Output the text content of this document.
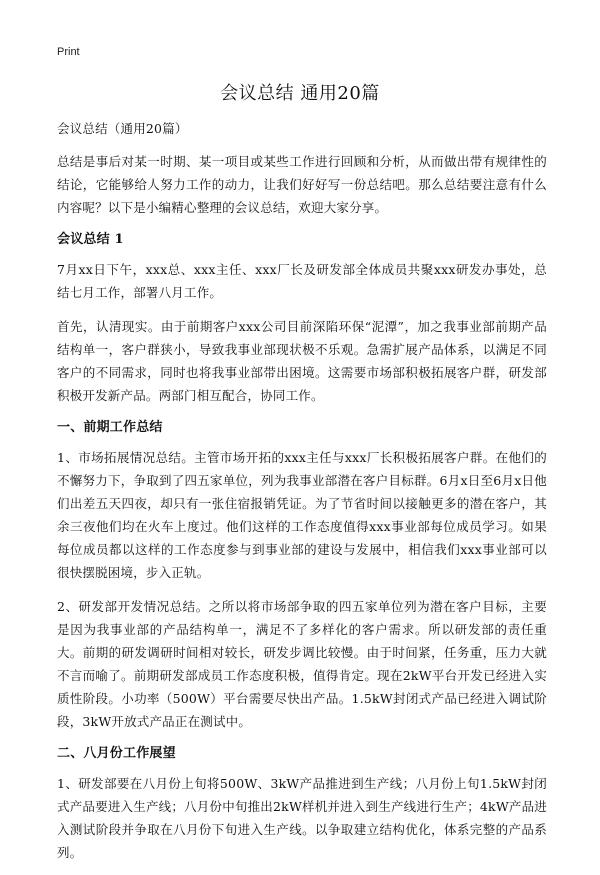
Print
会议总结 通用20篇

会议总结（通用20篇）

总结是事后对某一时期、某一项目或某些工作进行回顾和分析，从而做出带有规律性的结论，它能够给人努力工作的动力，让我们好好写一份总结吧。那么总结要注意有什么内容呢？以下是小编精心整理的会议总结，欢迎大家分享。

会议总结 1

7月xx日下午，xxx总、xxx主任、xxx厂长及研发部全体成员共聚xxx研发办事处，总结七月工作，部署八月工作。

首先，认清现实。由于前期客户xxx公司目前深陷环保“泥潭”，加之我事业部前期产品结构单一，客户群狭小，导致我事业部现状极不乐观。急需扩展产品体系，以满足不同客户的不同需求，同时也将我事业部带出困境。这需要市场部积极拓展客户群，研发部积极开发新产品。两部门相互配合，协同工作。

一、前期工作总结

1、市场拓展情况总结。主管市场开拓的xxx主任与xxx厂长积极拓展客户群。在他们的不懈努力下，争取到了四五家单位，列为我事业部潜在客户目标群。6月x日至6月x日他们出差五天四夜，却只有一张住宿报销凭证。为了节省时间以接触更多的潜在客户，其余三夜他们均在火车上度过。他们这样的工作态度值得xxx事业部每位成员学习。如果每位成员都以这样的工作态度参与到事业部的建设与发展中，相信我们xxx事业部可以很快摆脱困境，步入正轨。

2、研发部开发情况总结。之所以将市场部争取的四五家单位列为潜在客户目标，主要是因为我事业部的产品结构单一，满足不了多样化的客户需求。所以研发部的责任重大。前期的研发调研时间相对较长，研发步调比较慢。由于时间紧，任务重，压力大就不言而喻了。前期研发部成员工作态度积极，值得肯定。现在2kW平台开发已经进入实质性阶段。小功率（500W）平台需要尽快出产品。1.5kW封闭式产品已经进入调试阶段，3kW开放式产品正在测试中。

二、八月份工作展望

1、研发部要在八月份上旬将500W、3kW产品推进到生产线；八月份上旬1.5kW封闭式产品要进入生产线；八月份中旬推出2kW样机并进入到生产线进行生产；4kW产品进入测试阶段并争取在八月份下旬进入生产线。以争取建立结构优化，体系完整的产品系列。
